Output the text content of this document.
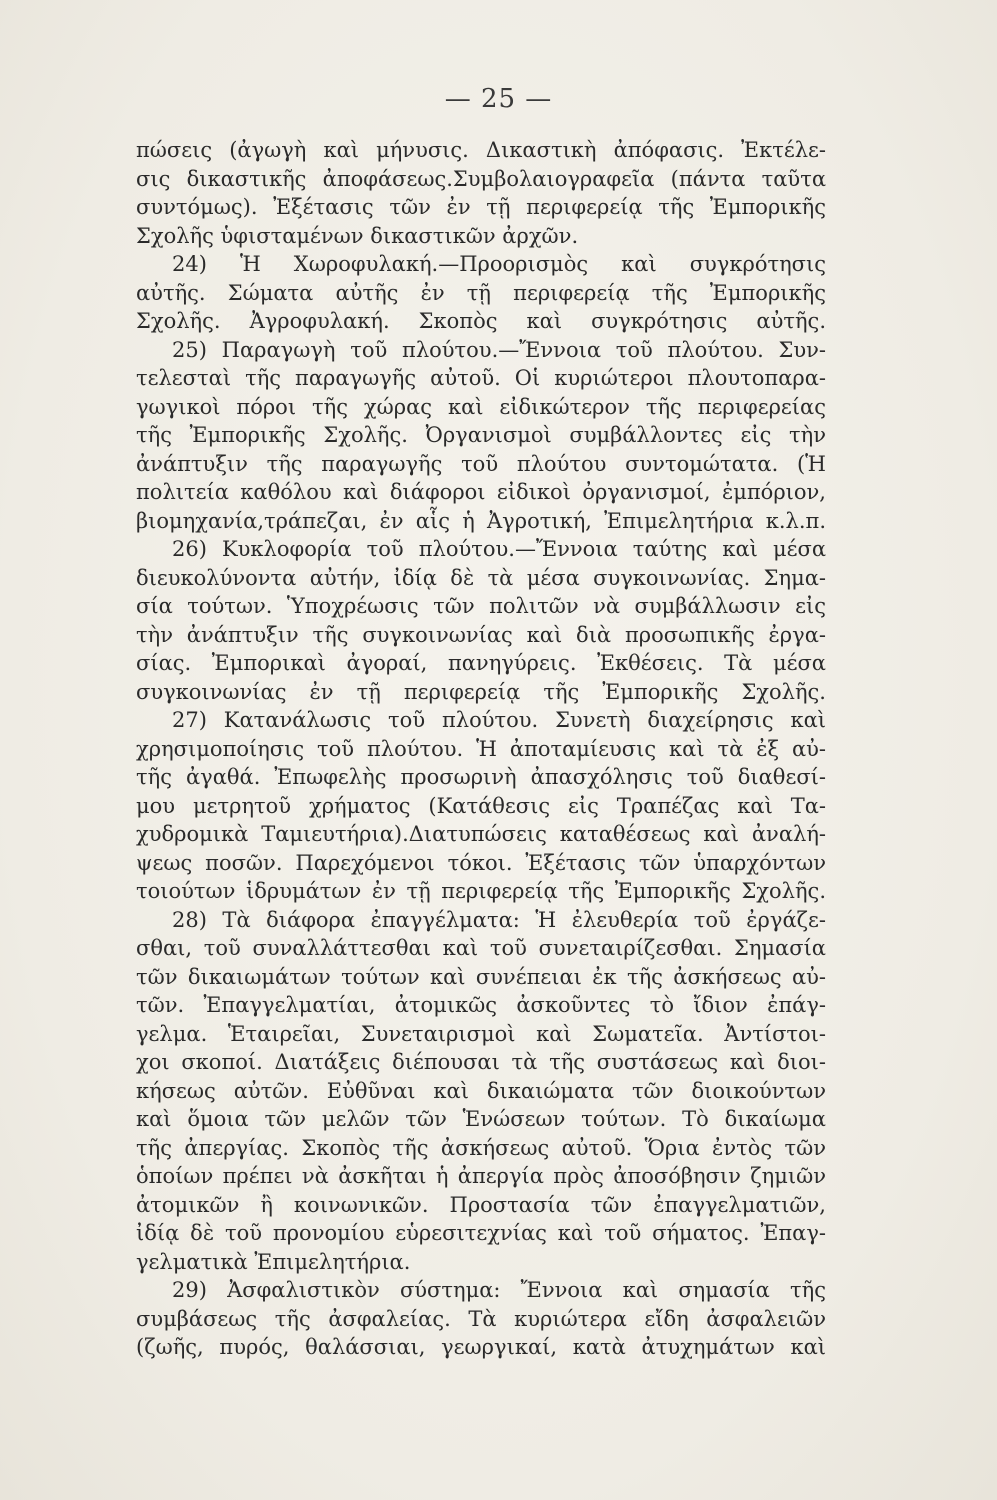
— 25 —
πώσεις (ἀγωγὴ καὶ μήνυσις. Δικαστικὴ ἀπόφασις. Ἐκτέλε-
σις δικαστικῆς ἀποφάσεως.Συμβολαιογραφεῖα (πάντα ταῦτα
συντόμως). Ἐξέτασις τῶν ἐν τῇ περιφερείᾳ τῆς Ἐμπορικῆς
Σχολῆς ὑφισταμένων δικαστικῶν ἀρχῶν.
24) Ἡ Χωροφυλακή.—Προορισμὸς καὶ συγκρότησις
αὐτῆς. Σώματα αὐτῆς ἐν τῇ περιφερείᾳ τῆς Ἐμπορικῆς
Σχολῆς. Ἀγροφυλακή. Σκοπὸς καὶ συγκρότησις αὐτῆς.
25) Παραγωγὴ τοῦ πλούτου.—Ἔννοια τοῦ πλούτου. Συν-
τελεσταὶ τῆς παραγωγῆς αὐτοῦ. Οἱ κυριώτεροι πλουτοπαρα-
γωγικοὶ πόροι τῆς χώρας καὶ εἰδικώτερον τῆς περιφερείας
τῆς Ἐμπορικῆς Σχολῆς. Ὀργανισμοὶ συμβάλλοντες εἰς τὴν
ἀνάπτυξιν τῆς παραγωγῆς τοῦ πλούτου συντομώτατα. (Ἡ
πολιτεία καθόλου καὶ διάφοροι εἰδικοὶ ὀργανισμοί, ἐμπόριον,
βιομηχανία,τράπεζαι, ἐν αἷς ἡ Ἀγροτική, Ἐπιμελητήρια κ.λ.π.
26) Κυκλοφορία τοῦ πλούτου.—Ἔννοια ταύτης καὶ μέσα
διευκολύνοντα αὐτήν, ἰδίᾳ δὲ τὰ μέσα συγκοινωνίας. Σημα-
σία τούτων. Ὑποχρέωσις τῶν πολιτῶν νὰ συμβάλλωσιν εἰς
τὴν ἀνάπτυξιν τῆς συγκοινωνίας καὶ διὰ προσωπικῆς ἐργα-
σίας. Ἐμπορικαὶ ἀγοραί, πανηγύρεις. Ἐκθέσεις. Τὰ μέσα
συγκοινωνίας ἐν τῇ περιφερείᾳ τῆς Ἐμπορικῆς Σχολῆς.
27) Κατανάλωσις τοῦ πλούτου. Συνετὴ διαχείρησις καὶ
χρησιμοποίησις τοῦ πλούτου. Ἡ ἀποταμίευσις καὶ τὰ ἐξ αὐ-
τῆς ἀγαθά. Ἐπωφελὴς προσωρινὴ ἀπασχόλησις τοῦ διαθεσί-
μου μετρητοῦ χρήματος (Κατάθεσις εἰς Τραπέζας καὶ Τα-
χυδρομικὰ Ταμιευτήρια).Διατυπώσεις καταθέσεως καὶ ἀναλή-
ψεως ποσῶν. Παρεχόμενοι τόκοι. Ἐξέτασις τῶν ὑπαρχόντων
τοιούτων ἱδρυμάτων ἐν τῇ περιφερείᾳ τῆς Ἐμπορικῆς Σχολῆς.
28) Τὰ διάφορα ἐπαγγέλματα: Ἡ ἐλευθερία τοῦ ἐργάζε-
σθαι, τοῦ συναλλάττεσθαι καὶ τοῦ συνεταιρίζεσθαι. Σημασία
τῶν δικαιωμάτων τούτων καὶ συνέπειαι ἐκ τῆς ἀσκήσεως αὐ-
τῶν. Ἐπαγγελματίαι, ἀτομικῶς ἀσκοῦντες τὸ ἴδιον ἐπάγ-
γελμα. Ἑταιρεῖαι, Συνεταιρισμοὶ καὶ Σωματεῖα. Ἀντίστοι-
χοι σκοποί. Διατάξεις διέπουσαι τὰ τῆς συστάσεως καὶ διοι-
κήσεως αὐτῶν. Εὐθῦναι καὶ δικαιώματα τῶν διοικούντων
καὶ ὅμοια τῶν μελῶν τῶν Ἑνώσεων τούτων. Τὸ δικαίωμα
τῆς ἀπεργίας. Σκοπὸς τῆς ἀσκήσεως αὐτοῦ. Ὅρια ἐντὸς τῶν
ὁποίων πρέπει νὰ ἀσκῆται ἡ ἀπεργία πρὸς ἀποσόβησιν ζημιῶν
ἀτομικῶν ἢ κοινωνικῶν. Προστασία τῶν ἐπαγγελματιῶν,
ἰδίᾳ δὲ τοῦ προνομίου εὑρεσιτεχνίας καὶ τοῦ σήματος. Ἐπαγ-
γελματικὰ Ἐπιμελητήρια.
29) Ἀσφαλιστικὸν σύστημα: Ἔννοια καὶ σημασία τῆς
συμβάσεως τῆς ἀσφαλείας. Τὰ κυριώτερα εἴδη ἀσφαλειῶν
(ζωῆς, πυρός, θαλάσσιαι, γεωργικαί, κατὰ ἀτυχημάτων καὶ
